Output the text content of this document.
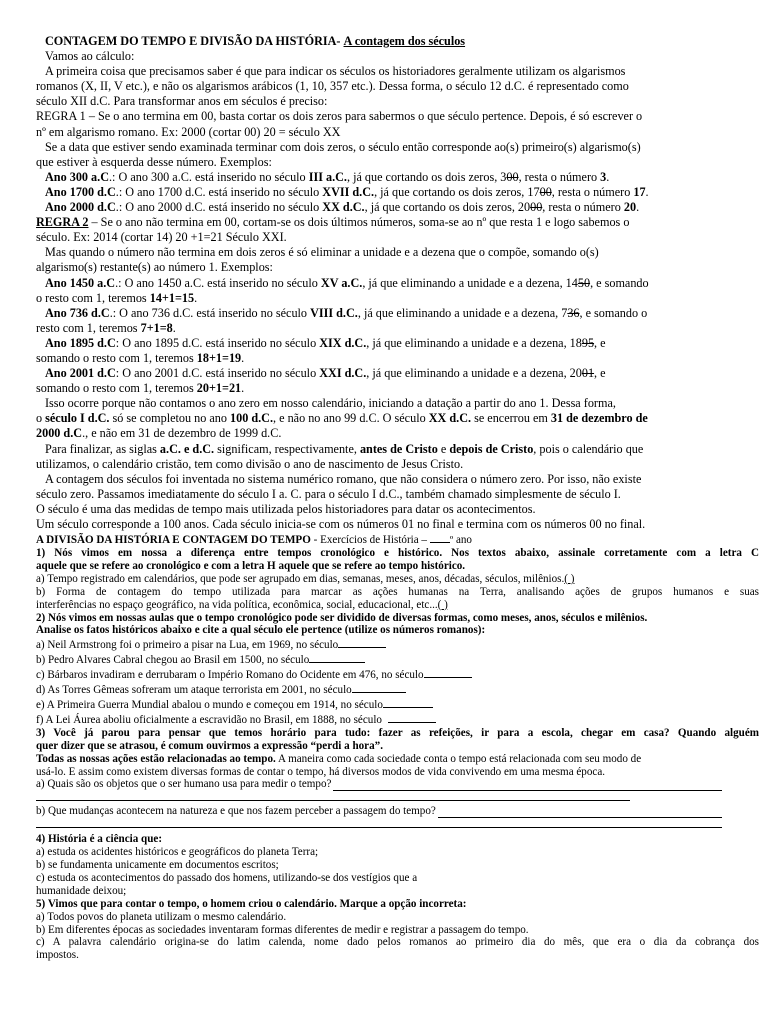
CONTAGEM DO TEMPO E DIVISÃO DA HISTÓRIA- A contagem dos séculos
Vamos ao cálculo:
A primeira coisa que precisamos saber é que para indicar os séculos os historiadores geralmente utilizam os algarismos
romanos (X, II, V etc.), e não os algarismos arábicos (1, 10, 357 etc.). Dessa forma, o século 12 d.C. é representado como
século XII d.C. Para transformar anos em séculos é preciso:
REGRA 1 – Se o ano termina em 00, basta cortar os dois zeros para sabermos o que século pertence. Depois, é só escrever o
nº em algarismo romano. Ex: 2000 (cortar 00) 20 = século XX
Se a data que estiver sendo examinada terminar com dois zeros, o século então corresponde ao(s) primeiro(s) algarismo(s)
que estiver à esquerda desse número. Exemplos:
Ano 300 a.C.: O ano 300 a.C. está inserido no século III a.C., já que cortando os dois zeros, 300, resta o número 3.
Ano 1700 d.C.: O ano 1700 d.C. está inserido no século XVII d.C., já que cortando os dois zeros, 1700, resta o número 17.
Ano 2000 d.C.: O ano 2000 d.C. está inserido no século XX d.C., já que cortando os dois zeros, 2000, resta o número 20.
REGRA 2 – Se o ano não termina em 00, cortam-se os dois últimos números, soma-se ao nº que resta 1 e logo sabemos o
século. Ex: 2014 (cortar 14) 20 +1=21 Século XXI.
Mas quando o número não termina em dois zeros é só eliminar a unidade e a dezena que o compõe, somando o(s)
algarismo(s) restante(s) ao número 1. Exemplos:
Ano 1450 a.C.: O ano 1450 a.C. está inserido no século XV a.C., já que eliminando a unidade e a dezena, 1450, e somando
o resto com 1, teremos 14+1=15.
Ano 736 d.C.: O ano 736 d.C. está inserido no século VIII d.C., já que eliminando a unidade e a dezena, 736, e somando o
resto com 1, teremos 7+1=8.
Ano 1895 d.C: O ano 1895 d.C. está inserido no século XIX d.C., já que eliminando a unidade e a dezena, 1895, e
somando o resto com 1, teremos 18+1=19.
Ano 2001 d.C: O ano 2001 d.C. está inserido no século XXI d.C., já que eliminando a unidade e a dezena, 2001, e
somando o resto com 1, teremos 20+1=21.
Isso ocorre porque não contamos o ano zero em nosso calendário, iniciando a datação a partir do ano 1. Dessa forma,
o século I d.C. só se completou no ano 100 d.C., e não no ano 99 d.C. O século XX d.C. se encerrou em 31 de dezembro de
2000 d.C., e não em 31 de dezembro de 1999 d.C.
Para finalizar, as siglas a.C. e d.C. significam, respectivamente, antes de Cristo e depois de Cristo, pois o calendário que
utilizamos, o calendário cristão, tem como divisão o ano de nascimento de Jesus Cristo.
A contagem dos séculos foi inventada no sistema numérico romano, que não considera o número zero. Por isso, não existe
século zero. Passamos imediatamente do século I a. C. para o século I d.C., também chamado simplesmente de século I.
O século é uma das medidas de tempo mais utilizada pelos historiadores para datar os acontecimentos.
Um século corresponde a 100 anos. Cada século inicia-se com os números 01 no final e termina com os números 00 no final.
A DIVISÃO DA HISTÓRIA E CONTAGEM DO TEMPO - Exercícios de História – º ano
1) Nós vimos em nossa a diferença entre tempos cronológico e histórico. Nos textos abaixo, assinale corretamente com a letra C
aquele que se refere ao cronológico e com a letra H aquele que se refere ao tempo histórico.
a) Tempo registrado em calendários, que pode ser agrupado em dias, semanas, meses, anos, décadas, séculos, milênios.( )
b) Forma de contagem do tempo utilizada para marcar as ações humanas na Terra, analisando ações de grupos humanos e suas
interferências no espaço geográfico, na vida política, econômica, social, educacional, etc...( )
2) Nós vimos em nossas aulas que o tempo cronológico pode ser dividido de diversas formas, como meses, anos, séculos e milênios.
Analise os fatos históricos abaixo e cite a qual século ele pertence (utilize os números romanos):
a) Neil Armstrong foi o primeiro a pisar na Lua, em 1969, no século
b) Pedro Alvares Cabral chegou ao Brasil em 1500, no século
c) Bárbaros invadiram e derrubaram o Império Romano do Ocidente em 476, no século
d) As Torres Gêmeas sofreram um ataque terrorista em 2001, no século
e) A Primeira Guerra Mundial abalou o mundo e começou em 1914, no século
f) A Lei Áurea aboliu oficialmente a escravidão no Brasil, em 1888, no século
3) Você já parou para pensar que temos horário para tudo: fazer as refeições, ir para a escola, chegar em casa? Quando alguém
quer dizer que se atrasou, é comum ouvirmos a expressão “perdi a hora”.
Todas as nossas ações estão relacionadas ao tempo. A maneira como cada sociedade conta o tempo está relacionada com seu modo de
usá-lo. E assim como existem diversas formas de contar o tempo, há diversos modos de vida convivendo em uma mesma época.
a) Quais são os objetos que o ser humano usa para medir o tempo?
b) Que mudanças acontecem na natureza e que nos fazem perceber a passagem do tempo?
4) História é a ciência que:
a) estuda os acidentes históricos e geográficos do planeta Terra;
b) se fundamenta unicamente em documentos escritos;
c) estuda os acontecimentos do passado dos homens, utilizando-se dos vestígios que a
humanidade deixou;
5) Vimos que para contar o tempo, o homem criou o calendário. Marque a opção incorreta:
a) Todos povos do planeta utilizam o mesmo calendário.
b) Em diferentes épocas as sociedades inventaram formas diferentes de medir e registrar a passagem do tempo.
c) A palavra calendário origina-se do latim calenda, nome dado pelos romanos ao primeiro dia do mês, que era o dia da cobrança dos
impostos.
